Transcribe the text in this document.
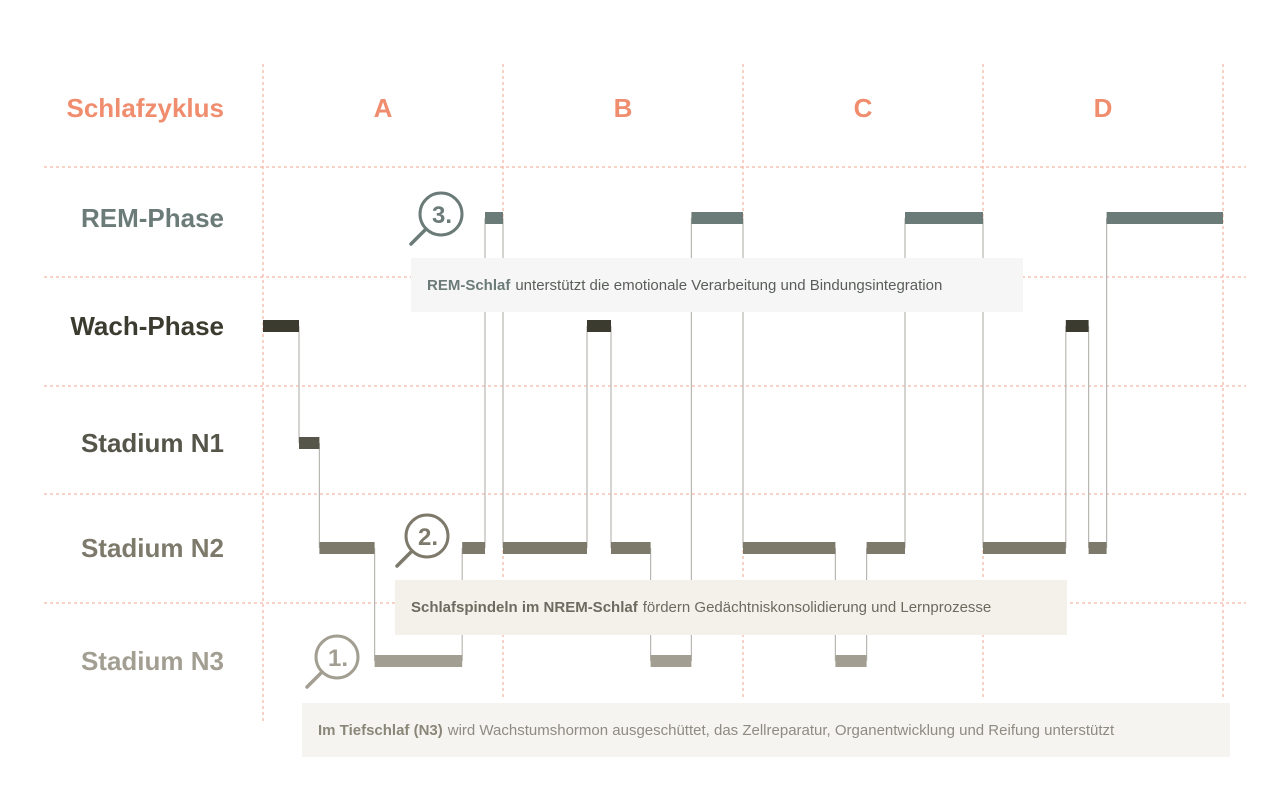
Schlafzyklus	A	B	C	D
REM-Phase
Wach-Phase
Stadium N1
Stadium N2
Stadium N3
3.
2.
1.
REM-Schlaf unterstützt die emotionale Verarbeitung und Bindungsintegration
Schlafspindeln im NREM-Schlaf fördern Gedächtniskonsolidierung und Lernprozesse
Im Tiefschlaf (N3) wird Wachstumshormon ausgeschüttet, das Zellreparatur, Organentwicklung und Reifung unterstützt
